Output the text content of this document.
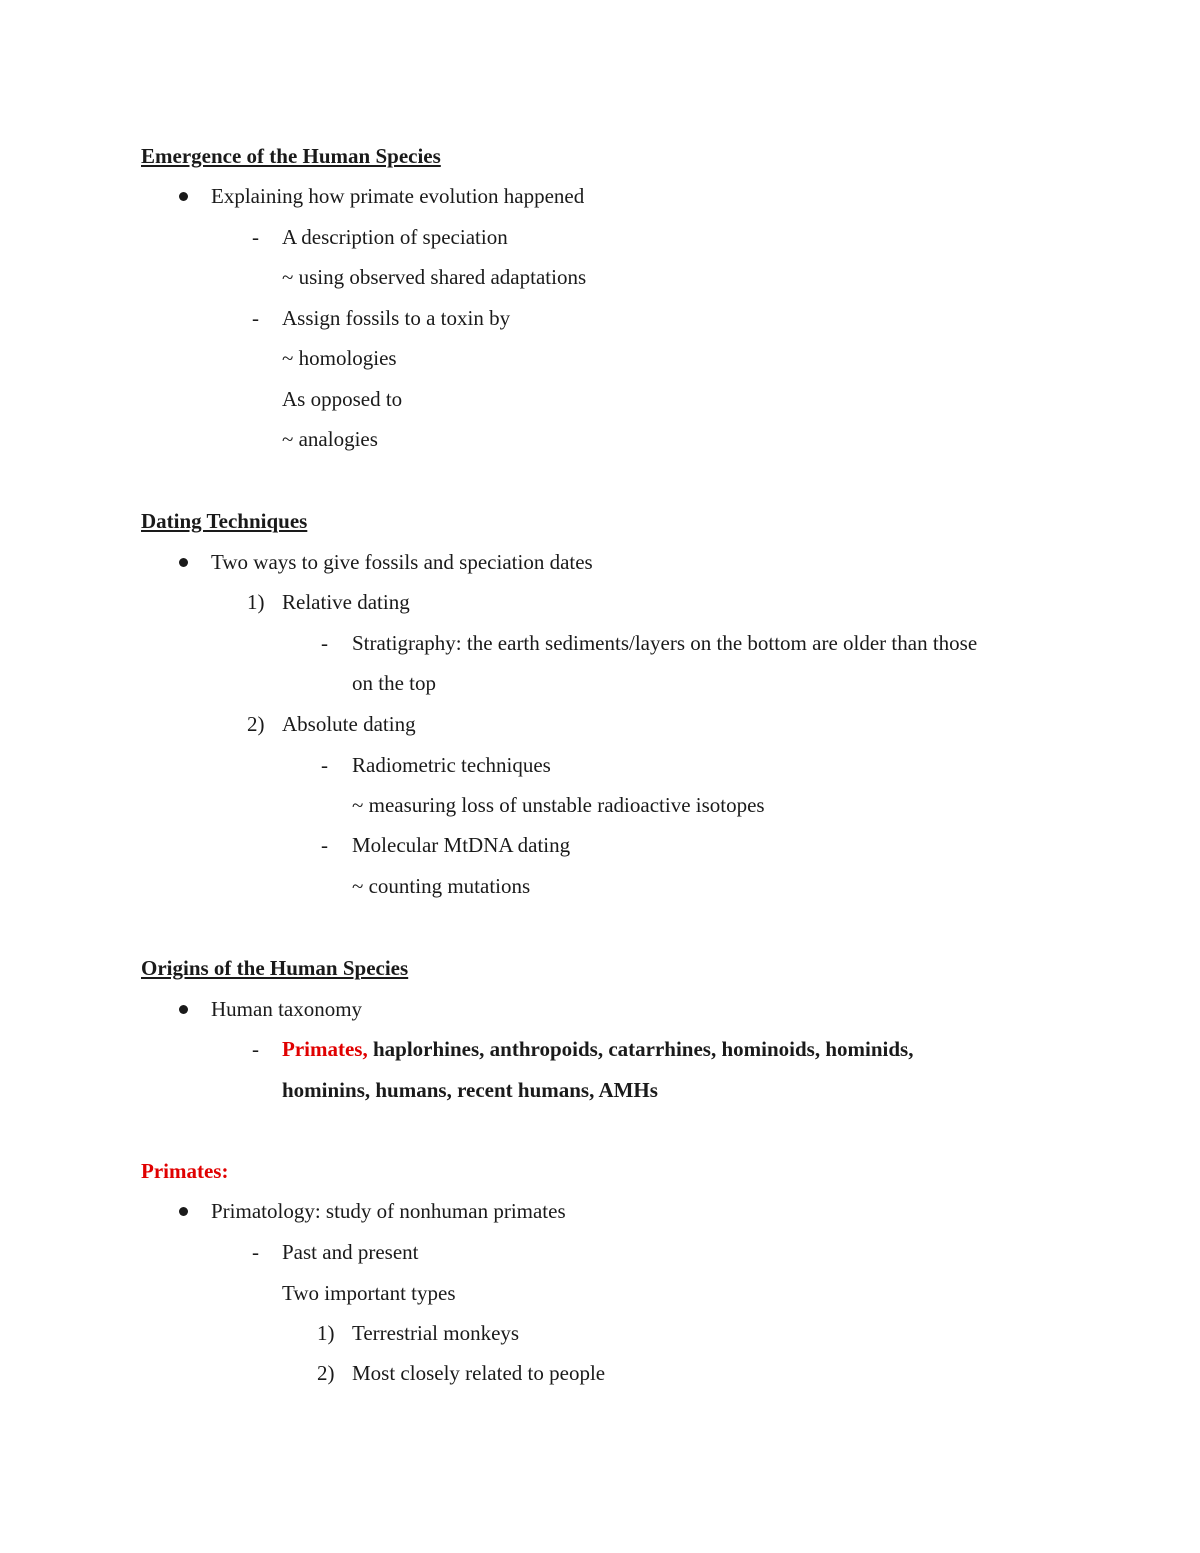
Emergence of the Human Species
Explaining how primate evolution happened
- A description of speciation
~ using observed shared adaptations
- Assign fossils to a toxin by
~ homologies
As opposed to
~ analogies
Dating Techniques
Two ways to give fossils and speciation dates
1) Relative dating
- Stratigraphy: the earth sediments/layers on the bottom are older than those
on the top
2) Absolute dating
- Radiometric techniques
~ measuring loss of unstable radioactive isotopes
- Molecular MtDNA dating
~ counting mutations
Origins of the Human Species
Human taxonomy
- Primates, haplorhines, anthropoids, catarrhines, hominoids, hominids,
hominins, humans, recent humans, AMHs
Primates:
Primatology: study of nonhuman primates
- Past and present
Two important types
1) Terrestrial monkeys
2) Most closely related to people
